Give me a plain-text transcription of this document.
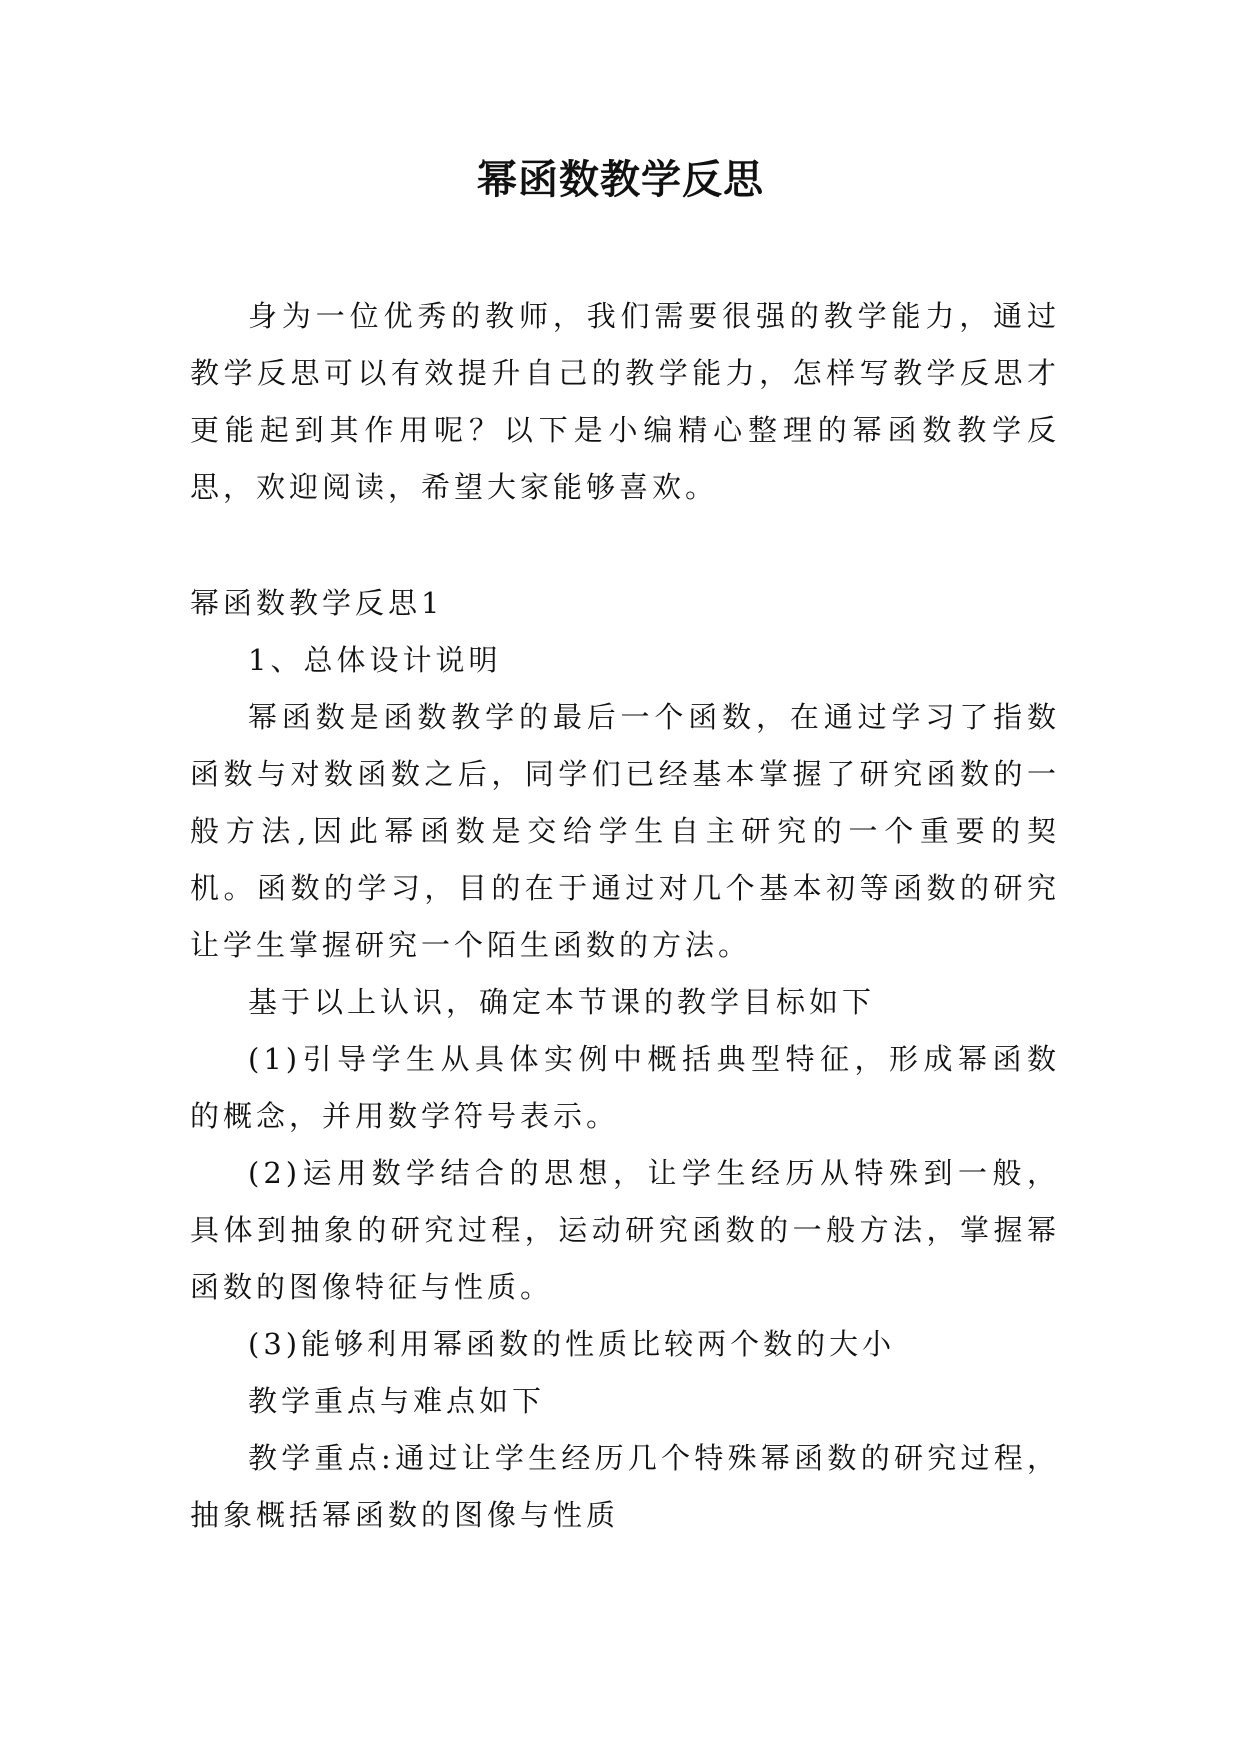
幂函数教学反思

身为一位优秀的教师，我们需要很强的教学能力，通过教学反思可以有效提升自己的教学能力，怎样写教学反思才更能起到其作用呢？以下是小编精心整理的幂函数教学反思，欢迎阅读，希望大家能够喜欢。

幂函数教学反思1

1、总体设计说明

幂函数是函数教学的最后一个函数，在通过学习了指数函数与对数函数之后，同学们已经基本掌握了研究函数的一般方法,因此幂函数是交给学生自主研究的一个重要的契机。函数的学习，目的在于通过对几个基本初等函数的研究让学生掌握研究一个陌生函数的方法。

基于以上认识，确定本节课的教学目标如下

(1)引导学生从具体实例中概括典型特征，形成幂函数的概念，并用数学符号表示。

(2)运用数学结合的思想，让学生经历从特殊到一般，具体到抽象的研究过程，运动研究函数的一般方法，掌握幂函数的图像特征与性质。

(3)能够利用幂函数的性质比较两个数的大小

教学重点与难点如下

教学重点:通过让学生经历几个特殊幂函数的研究过程，抽象概括幂函数的图像与性质
